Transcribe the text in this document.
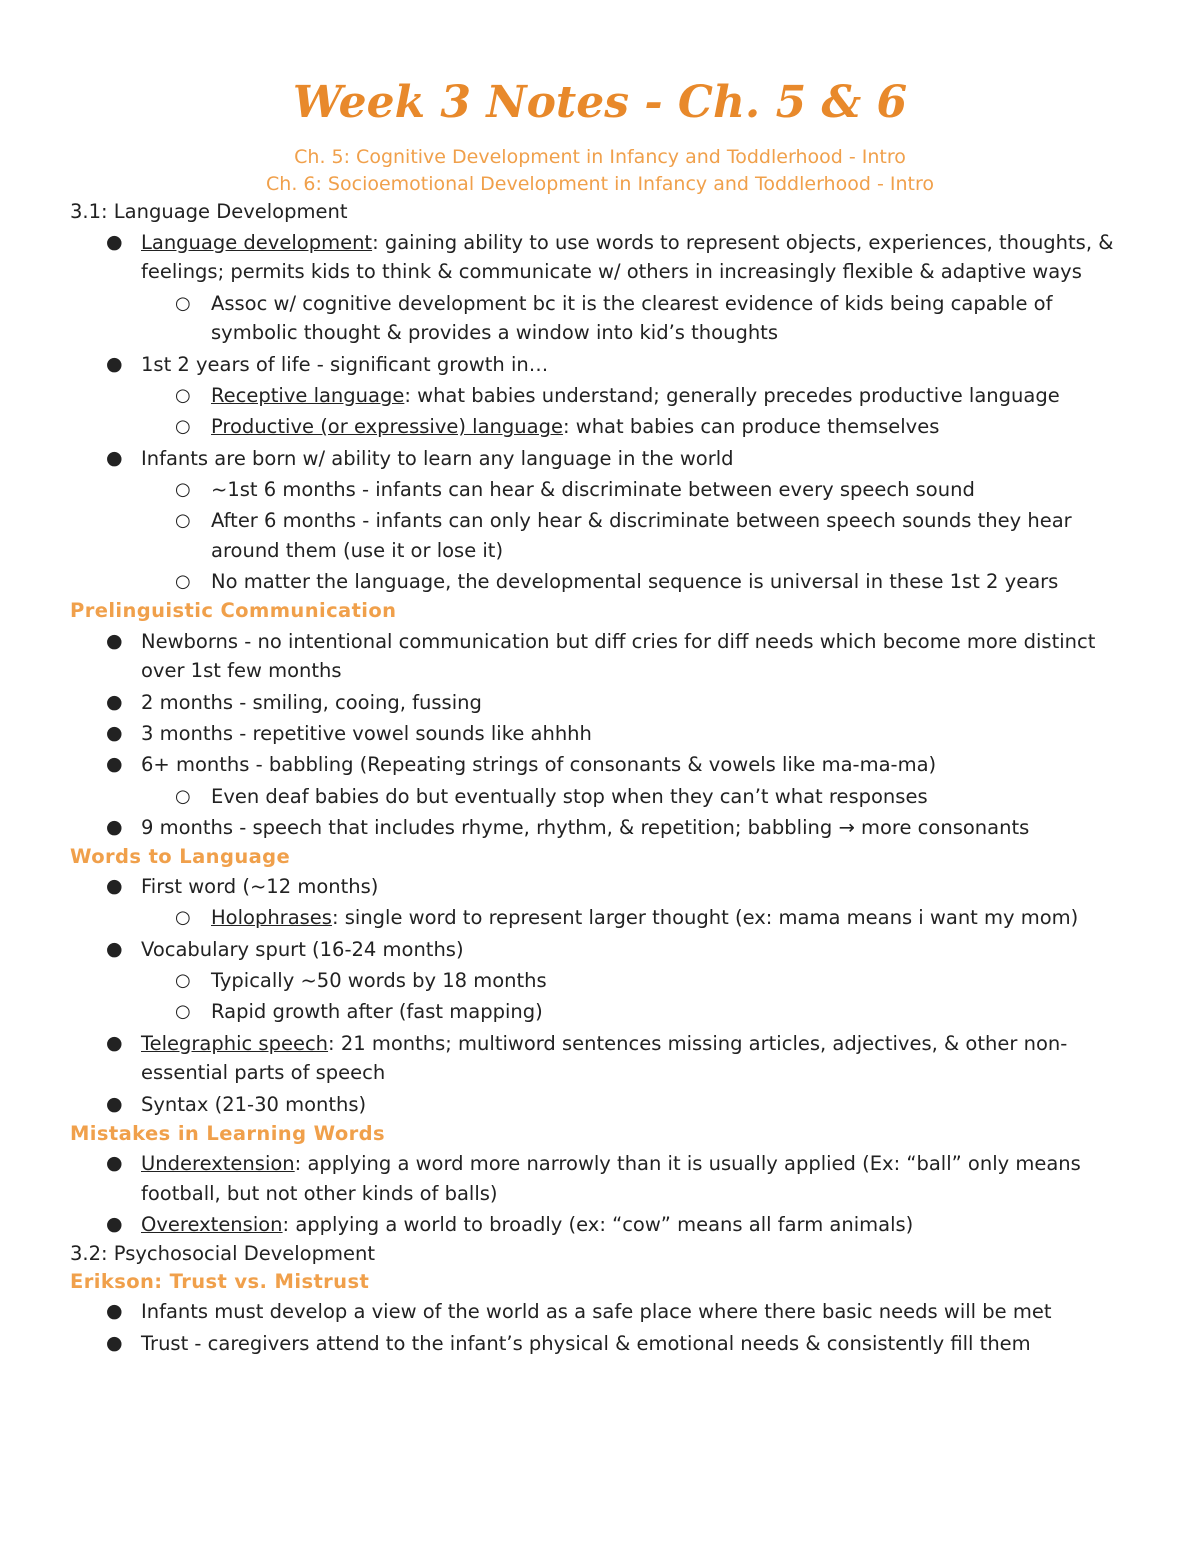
Week 3 Notes - Ch. 5 & 6
Ch. 5: Cognitive Development in Infancy and Toddlerhood - Intro
Ch. 6: Socioemotional Development in Infancy and Toddlerhood - Intro
3.1: Language Development
● Language development: gaining ability to use words to represent objects, experiences, thoughts, & feelings; permits kids to think & communicate w/ others in increasingly flexible & adaptive ways
○ Assoc w/ cognitive development bc it is the clearest evidence of kids being capable of symbolic thought & provides a window into kid’s thoughts
● 1st 2 years of life - significant growth in…
○ Receptive language: what babies understand; generally precedes productive language
○ Productive (or expressive) language: what babies can produce themselves
● Infants are born w/ ability to learn any language in the world
○ ~1st 6 months - infants can hear & discriminate between every speech sound
○ After 6 months - infants can only hear & discriminate between speech sounds they hear around them (use it or lose it)
○ No matter the language, the developmental sequence is universal in these 1st 2 years
Prelinguistic Communication
● Newborns - no intentional communication but diff cries for diff needs which become more distinct over 1st few months
● 2 months - smiling, cooing, fussing
● 3 months - repetitive vowel sounds like ahhhh
● 6+ months - babbling (Repeating strings of consonants & vowels like ma-ma-ma)
○ Even deaf babies do but eventually stop when they can’t what responses
● 9 months - speech that includes rhyme, rhythm, & repetition; babbling → more consonants
Words to Language
● First word (~12 months)
○ Holophrases: single word to represent larger thought (ex: mama means i want my mom)
● Vocabulary spurt (16-24 months)
○ Typically ~50 words by 18 months
○ Rapid growth after (fast mapping)
● Telegraphic speech: 21 months; multiword sentences missing articles, adjectives, & other non-essential parts of speech
● Syntax (21-30 months)
Mistakes in Learning Words
● Underextension: applying a word more narrowly than it is usually applied (Ex: “ball” only means football, but not other kinds of balls)
● Overextension: applying a world to broadly (ex: “cow” means all farm animals)
3.2: Psychosocial Development
Erikson: Trust vs. Mistrust
● Infants must develop a view of the world as a safe place where there basic needs will be met
● Trust - caregivers attend to the infant’s physical & emotional needs & consistently fill them
